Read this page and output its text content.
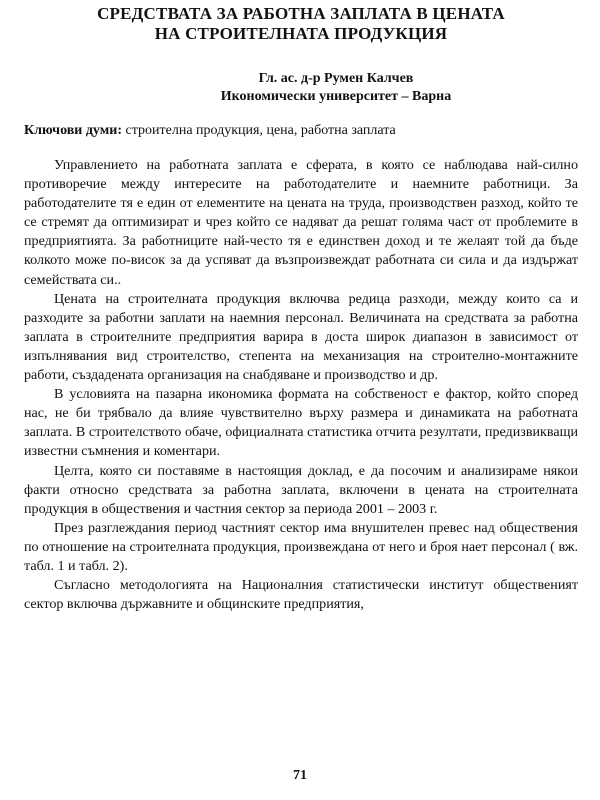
СРЕДСТВАТА ЗА РАБОТНА ЗАПЛАТА В ЦЕНАТА
НА СТРОИТЕЛНАТА ПРОДУКЦИЯ
Гл. ас. д-р Румен Калчев
Икономически университет – Варна
Ключови думи: строителна продукция, цена, работна заплата

Управлението на работната заплата е сферата, в която се наблюдава най-силно противоречие между интересите на работодателите и наемните работници. За работодателите тя е един от елементите на цената на труда, производствен разход, който те се стремят да оптимизират и чрез който се надяват да решат голяма част от проблемите в предприятията. За работниците най-често тя е единствен доход и те желаят той да бъде колкото може по-висок за да успяват да възпроизвеждат работната си сила и да издържат семействата си..

Цената на строителната продукция включва редица разходи, между които са и разходите за работни заплати на наемния персонал. Величината на средствата за работна заплата в строителните предприятия варира в доста широк диапазон в зависимост от изпълнявания вид строителство, степента на механизация на строително-монтажните работи, създадената организация на снабдяване и производство и др.

В условията на пазарна икономика формата на собственост е фактор, който според нас, не би трябвало да влияе чувствително върху размера и динамиката на работната заплата. В строителството обаче, официалната статистика отчита резултати, предизвикващи известни съмнения и коментари.

Целта, която си поставяме в настоящия доклад, е да посочим и анализираме някои факти относно средствата за работна заплата, включени в цената на строителната продукция в обществения и частния сектор за периода 2001 – 2003 г.

През разглеждания период частният сектор има внушителен превес над обществения по отношение на строителната продукция, произвеждана от него и броя нает персонал ( вж. табл. 1 и табл. 2).

Съгласно методологията на Националния статистически институт общественият сектор включва държавните и общинските предприятия,

71
